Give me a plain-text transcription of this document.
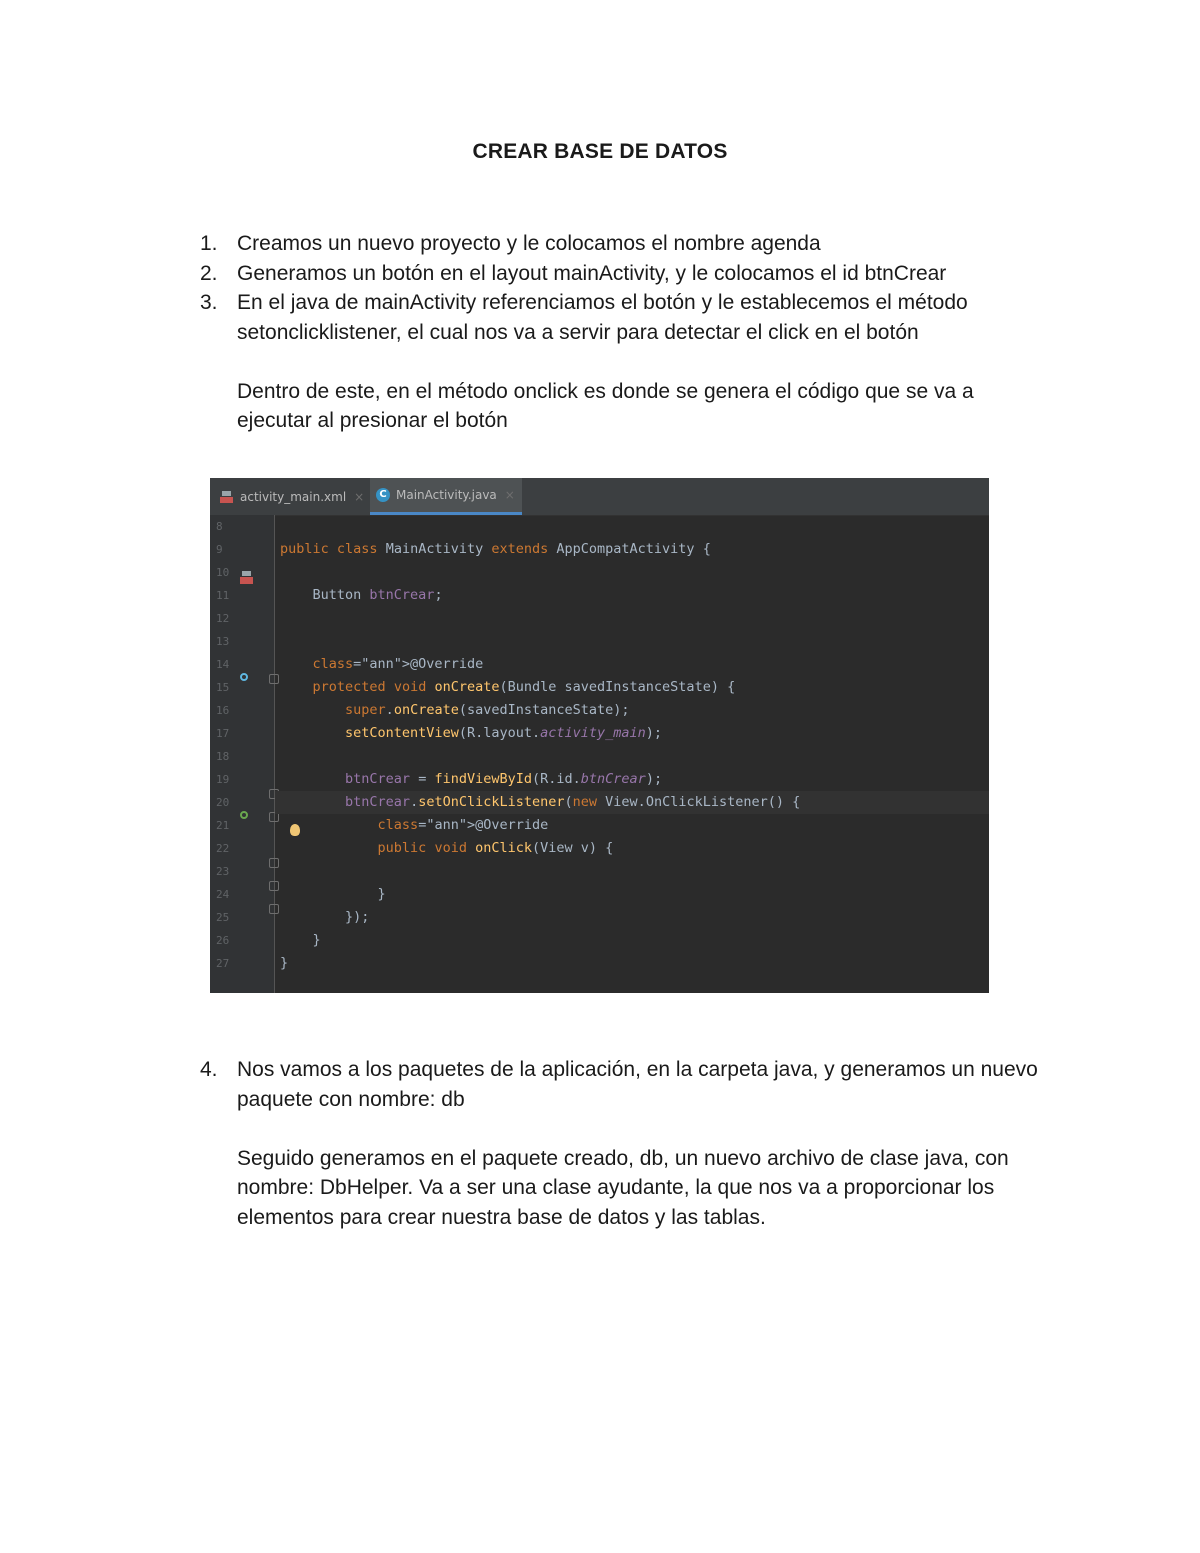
CREAR BASE DE DATOS
1. Creamos un nuevo proyecto y le colocamos el nombre agenda

2. Generamos un botón en el layout mainActivity, y le colocamos el id btnCrear

3. En el java de mainActivity referenciamos el botón y le establecemos el método setonclicklistener, el cual nos va a servir para detectar el click en el botón

Dentro de este, en el método onclick es donde se genera el código que se va a ejecutar al presionar el botón

activity_main.xml ×	C MainActivity.java ×
8
9
10
11
12
13
14
15
16
17
18
19
20
21
22
23
24
25
26
27
public class MainActivity extends AppCompatActivity {
Button btnCrear;
class="ann">@Override
protected void onCreate(Bundle savedInstanceState) {
super.onCreate(savedInstanceState);
setContentView(R.layout.activity_main);
btnCrear = findViewById(R.id.btnCrear);
btnCrear.setOnClickListener(new View.OnClickListener() {
class="ann">@Override
public void onClick(View v) {
}
});
}
}
4. Nos vamos a los paquetes de la aplicación, en la carpeta java, y generamos un nuevo paquete con nombre: db

Seguido generamos en el paquete creado, db, un nuevo archivo de clase java, con nombre: DbHelper. Va a ser una clase ayudante, la que nos va a proporcionar los elementos para crear nuestra base de datos y las tablas.
